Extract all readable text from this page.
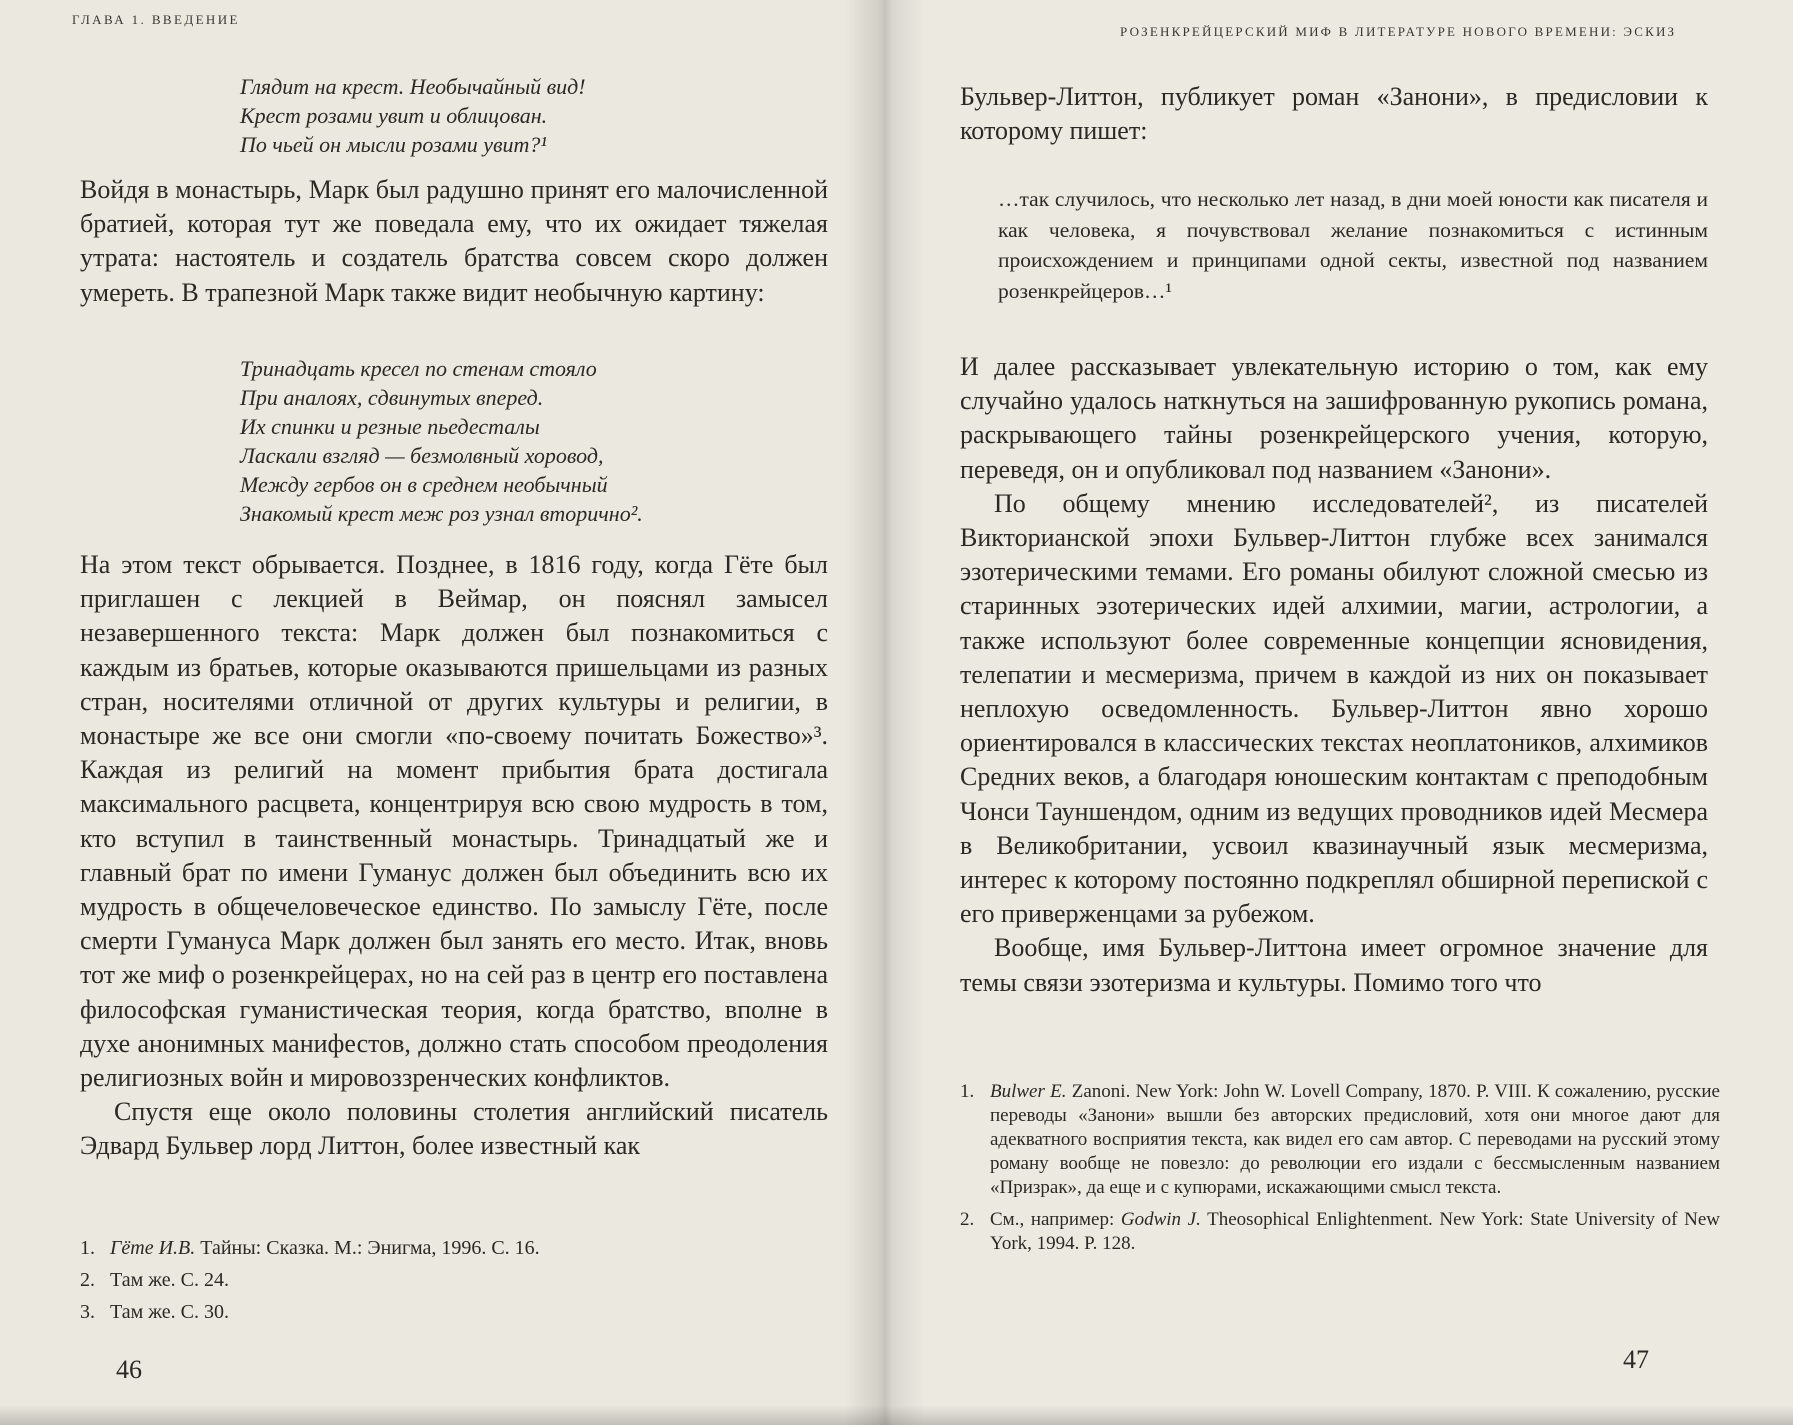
ГЛАВА 1. ВВЕДЕНИЕ
Глядит на крест. Необычайный вид!
Крест розами увит и облицован.
По чьей он мысли розами увит?¹

Войдя в монастырь, Марк был радушно принят его малочисленной братией, которая тут же поведала ему, что их ожидает тяжелая утрата: настоятель и создатель братства совсем скоро должен умереть. В трапезной Марк также видит необычную картину:

Тринадцать кресел по стенам стояло
При аналоях, сдвинутых вперед.
Их спинки и резные пьедесталы
Ласкали взгляд — безмолвный хоровод,
Между гербов он в среднем необычный
Знакомый крест меж роз узнал вторично².

На этом текст обрывается. Позднее, в 1816 году, когда Гёте был приглашен с лекцией в Веймар, он пояснял замысел незавершенного текста: Марк должен был познакомиться с каждым из братьев, которые оказываются пришельцами из разных стран, носителями отличной от других культуры и религии, в монастыре же все они смогли «по-своему почитать Божество»³. Каждая из религий на момент прибытия брата достигала максимального расцвета, концентрируя всю свою мудрость в том, кто вступил в таинственный монастырь. Тринадцатый же и главный брат по имени Гуманус должен был объединить всю их мудрость в общечеловеческое единство. По замыслу Гёте, после смерти Гумануса Марк должен был занять его место. Итак, вновь тот же миф о розенкрейцерах, но на сей раз в центр его поставлена философская гуманистическая теория, когда братство, вполне в духе анонимных манифестов, должно стать способом преодоления религиозных войн и мировоззренческих конфликтов.

Спустя еще около половины столетия английский писатель Эдвард Бульвер лорд Литтон, более известный как

1. Гёте И.В. Тайны: Сказка. М.: Энигма, 1996. С. 16.
2. Там же. С. 24.
3. Там же. С. 30.
46
РОЗЕНКРЕЙЦЕРСКИЙ МИФ В ЛИТЕРАТУРЕ НОВОГО ВРЕМЕНИ: ЭСКИЗ

Бульвер-Литтон, публикует роман «Занони», в предисловии к которому пишет:

…так случилось, что несколько лет назад, в дни моей юности как писателя и как человека, я почувствовал желание познакомиться с истинным происхождением и принципами одной секты, известной под названием розенкрейцеров…¹

И далее рассказывает увлекательную историю о том, как ему случайно удалось наткнуться на зашифрованную рукопись романа, раскрывающего тайны розенкрейцерского учения, которую, переведя, он и опубликовал под названием «Занони».

По общему мнению исследователей², из писателей Викторианской эпохи Бульвер-Литтон глубже всех занимался эзотерическими темами. Его романы обилуют сложной смесью из старинных эзотерических идей алхимии, магии, астрологии, а также используют более современные концепции ясновидения, телепатии и месмеризма, причем в каждой из них он показывает неплохую осведомленность. Бульвер-Литтон явно хорошо ориентировался в классических текстах неоплатоников, алхимиков Средних веков, а благодаря юношеским контактам с преподобным Чонси Тауншендом, одним из ведущих проводников идей Месмера в Великобритании, усвоил квазинаучный язык месмеризма, интерес к которому постоянно подкреплял обширной перепиской с его приверженцами за рубежом.

Вообще, имя Бульвер-Литтона имеет огромное значение для темы связи эзотеризма и культуры. Помимо того что

1. Bulwer E. Zanoni. New York: John W. Lovell Company, 1870. P. VIII. К сожалению, русские переводы «Занони» вышли без авторских предисловий, хотя они многое дают для адекватного восприятия текста, как видел его сам автор. С переводами на русский этому роману вообще не повезло: до революции его издали с бессмысленным названием «Призрак», да еще и с купюрами, искажающими смысл текста.
2. См., например: Godwin J. Theosophical Enlightenment. New York: State University of New York, 1994. P. 128.
47
